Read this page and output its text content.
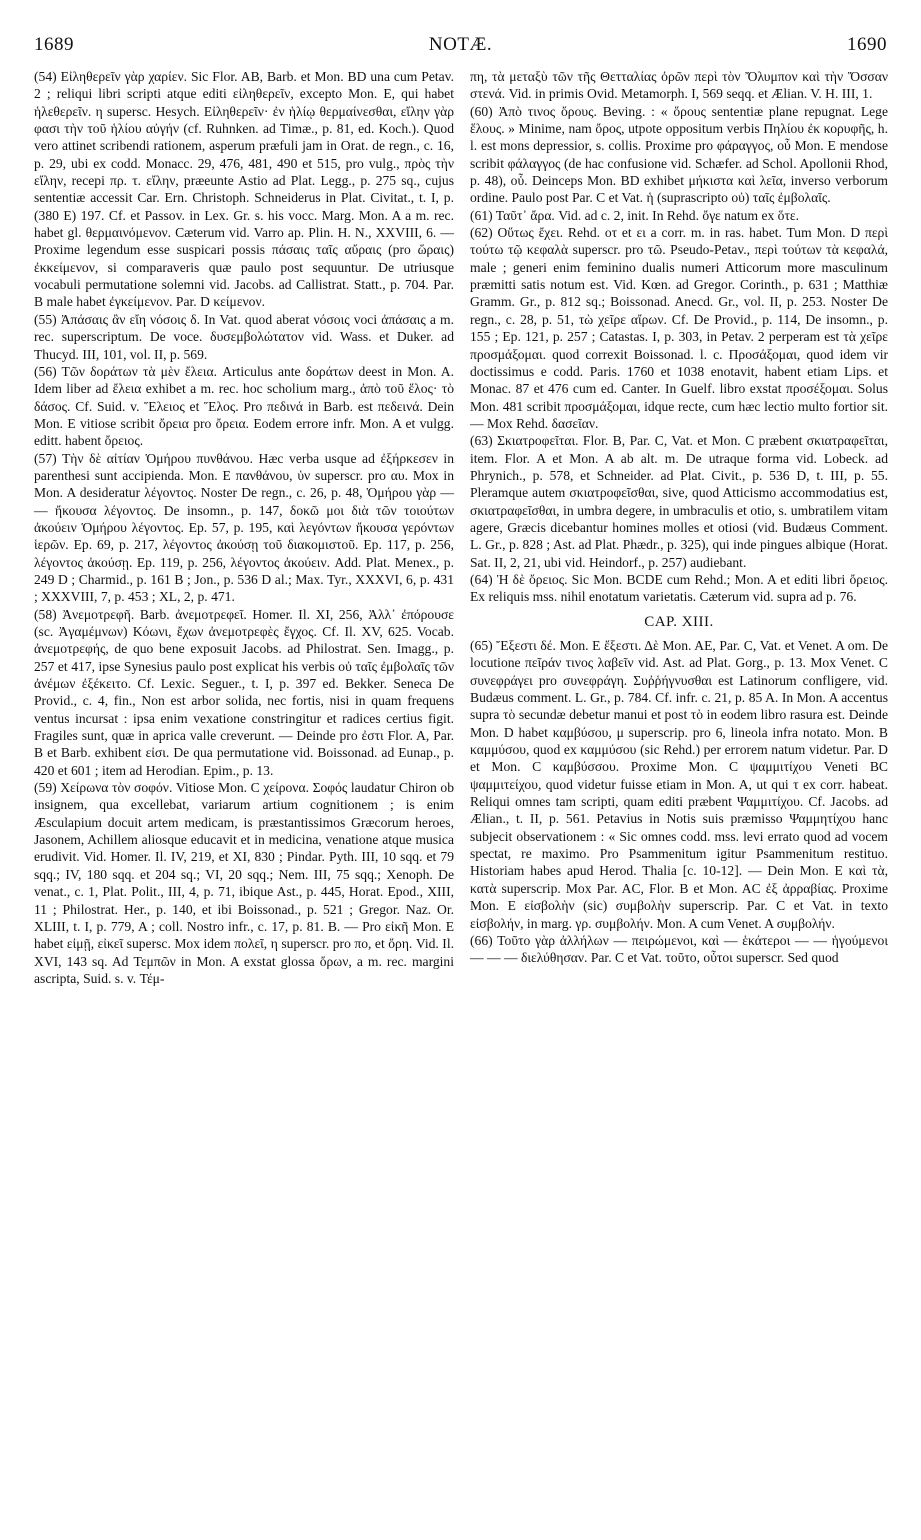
1689	NOTÆ.	1690

(54) Εἰληθερεῖν γὰρ χαρίεν. Sic Flor. AB, Barb. et Mon. BD una cum Petav. 2 ; reliqui libri scripti atque editi εἰληθερεῖν, excepto Mon. E, qui habet ἡλεθερεῖν. η supersc. Hesych. Εἰληθερεῖν· ἐν ἡλίῳ θερμαίνεσθαι, εἴλην γὰρ φασι τὴν τοῦ ἡλίου αὐγήν (cf. Ruhnken. ad Timæ., p. 81, ed. Koch.). Quod vero attinet scribendi rationem, asperum præfuli jam in Orat. de regn., c. 16, p. 29, ubi ex codd. Monacc. 29, 476, 481, 490 et 515, pro vulg., πρὸς τὴν εἴλην, recepi πρ. τ. εἴλην, præeunte Astio ad Plat. Legg., p. 275 sq., cujus sententiæ accessit Car. Ern. Christoph. Schneiderus in Plat. Civitat., t. I, p. (380 E) 197. Cf. et Passov. in Lex. Gr. s. his vocc. Marg. Mon. A a m. rec. habet gl. θερμαινόμενον. Cæterum vid. Varro ap. Plin. H. N., XXVIII, 6. — Proxime legendum esse suspicari possis πάσαις ταῖς αὔραις (pro ὥραις) ἐκκείμενον, si comparaveris quæ paulo post sequuntur. De utriusque vocabuli permutatione solemni vid. Jacobs. ad Callistrat. Statt., p. 704. Par. B male habet ἐγκείμενον. Par. D κείμενον.

(55) Ἀπάσαις ἂν εἴη νόσοις δ. In Vat. quod aberat νόσοις voci ἀπάσαις a m. rec. superscriptum. De voce. δυσεμβολώτατον vid. Wass. et Duker. ad Thucyd. III, 101, vol. II, p. 569.

(56) Τῶν δοράτων τὰ μὲν ἔλεια. Articulus ante δοράτων deest in Mon. A. Idem liber ad ἔλεια exhibet a m. rec. hoc scholium marg., ἀπὸ τοῦ ἕλος· τὸ δάσος. Cf. Suid. v. Ἕλειος et Ἕλος. Pro πεδινά in Barb. est πεδεινά. Dein Mon. E vitiose scribit ὄρεια pro ὄρεια. Eodem errore infr. Mon. A et vulgg. editt. habent ὄρειος.

(57) Τὴν δὲ αἰτίαν Ὁμήρου πυνθάνου. Hæc verba usque ad ἐξήρκεσεν in parenthesi sunt accipienda. Mon. E πανθάνου, ὑν superscr. pro αυ. Mox in Mon. A desideratur λέγοντος. Noster De regn., c. 26, p. 48, Ὁμήρου γὰρ — — ἤκουσα λέγοντος. De insomn., p. 147, δοκῶ μοι διὰ τῶν τοιούτων ἀκούειν Ὁμήρου λέγοντος. Ep. 57, p. 195, καὶ λεγόντων ἤκουσα γερόντων ἱερῶν. Ep. 69, p. 217, λέγοντος ἀκούσῃ τοῦ διακομιστοῦ. Ep. 117, p. 256, λέγοντος ἀκούσῃ. Ep. 119, p. 256, λέγοντος ἀκούειν. Add. Plat. Menex., p. 249 D ; Charmid., p. 161 B ; Jon., p. 536 D al.; Max. Tyr., XXXVI, 6, p. 431 ; XXXVIII, 7, p. 453 ; XL, 2, p. 471.

(58) Ἀνεμοτρεφῆ. Barb. ἀνεμοτρεφεῖ. Homer. Il. XI, 256, Ἀλλ᾽ ἐπόρουσε (sc. Ἀγαμέμνων) Κόωνι, ἔχων ἀνεμοτρεφὲς ἔγχος. Cf. Il. XV, 625. Vocab. ἀνεμοτρεφής, de quo bene exposuit Jacobs. ad Philostrat. Sen. Imagg., p. 257 et 417, ipse Synesius paulo post explicat his verbis οὐ ταῖς ἐμβολαῖς τῶν ἀνέμων ἐξέκειτο. Cf. Lexic. Seguer., t. I, p. 397 ed. Bekker. Seneca De Provid., c. 4, fin., Non est arbor solida, nec fortis, nisi in quam frequens ventus incursat : ipsa enim vexatione constringitur et radices certius figit. Fragiles sunt, quæ in aprica valle creverunt. — Deinde pro ἐστι Flor. A, Par. B et Barb. exhibent εἰσι. De qua permutatione vid. Boissonad. ad Eunap., p. 420 et 601 ; item ad Herodian. Epim., p. 13.

(59) Χείρωνα τὸν σοφόν. Vitiose Mon. C χείρονα. Σοφός laudatur Chiron ob insignem, qua excellebat, variarum artium cognitionem ; is enim Æsculapium docuit artem medicam, is præstantissimos Græcorum heroes, Jasonem, Achillem aliosque educavit et in medicina, venatione atque musica erudivit. Vid. Homer. Il. IV, 219, et XI, 830 ; Pindar. Pyth. III, 10 sqq. et 79 sqq.; IV, 180 sqq. et 204 sq.; VI, 20 sqq.; Nem. III, 75 sqq.; Xenoph. De venat., c. 1, Plat. Polit., III, 4, p. 71, ibique Ast., p. 445, Horat. Epod., XIII, 11 ; Philostrat. Her., p. 140, et ibi Boissonad., p. 521 ; Gregor. Naz. Or. XLIII, t. I, p. 779, A ; coll. Nostro infr., c. 17, p. 81. B. — Pro εἰκῆ Mon. E habet εἰμῇ, εἰκεῖ supersc. Mox idem πολεῖ, η superscr. pro πο, et ὄρη. Vid. Il. XVI, 143 sq. Ad Τεμπῶν in Mon. A exstat glossa ὄρων, a m. rec. margini ascripta, Suid. s. v. Τέμ-

πη, τὰ μεταξὺ τῶν τῆς Θετταλίας ὀρῶν περὶ τὸν Ὄλυμπον καὶ τὴν Ὄσσαν στενά. Vid. in primis Ovid. Metamorph. I, 569 seqq. et Ælian. V. H. III, 1.

(60) Ἀπὸ τινος ὄρους. Beving. : « ὅρους sententiæ plane repugnat. Lege ἕλους. » Minime, nam ὄρος, utpote oppositum verbis Πηλίου ἐκ κορυφῆς, h. l. est mons depressior, s. collis. Proxime pro φάραγγος, οὗ Mon. E mendose scribit φάλαγγος (de hac confusione vid. Schæfer. ad Schol. Apollonii Rhod, p. 48), οὗ. Deinceps Mon. BD exhibet μήκιστα καὶ λεῖα, inverso verborum ordine. Paulo post Par. C et Vat. ἡ (suprascripto οὐ) ταῖς ἐμβολαῖς.

(61) Ταῦτ᾽ ἄρα. Vid. ad c. 2, init. In Rehd. ὄγε natum ex ὅτε.

(62) Οὕτως ἔχει. Rehd. οτ et ει a corr. m. in ras. habet. Tum Mon. D περὶ τούτω τῷ κεφαλὰ superscr. pro τῶ. Pseudo-Petav., περὶ τούτων τὰ κεφαλά, male ; generi enim feminino dualis numeri Atticorum more masculinum præmitti satis notum est. Vid. Kœn. ad Gregor. Corinth., p. 631 ; Matthiæ Gramm. Gr., p. 812 sq.; Boissonad. Anecd. Gr., vol. II, p. 253. Noster De regn., c. 28, p. 51, τὼ χεῖρε αἴρων. Cf. De Provid., p. 114, De insomn., p. 155 ; Ep. 121, p. 257 ; Catastas. I, p. 303, in Petav. 2 perperam est τὰ χεῖρε προσμάξομαι. quod correxit Boissonad. l. c. Προσάξομαι, quod idem vir doctissimus e codd. Paris. 1760 et 1038 enotavit, habent etiam Lips. et Monac. 87 et 476 cum ed. Canter. In Guelf. libro exstat προσέξομαι. Solus Mon. 481 scribit προσμάξομαι, idque recte, cum hæc lectio multo fortior sit. — Mox Rehd. δασεῖαν.

(63) Σκιατροφεῖται. Flor. B, Par. C, Vat. et Mon. C præbent σκιατραφεῖται, item. Flor. A et Mon. A ab alt. m. De utraque forma vid. Lobeck. ad Phrynich., p. 578, et Schneider. ad Plat. Civit., p. 536 D, t. III, p. 55. Pleramque autem σκιατροφεῖσθαι, sive, quod Atticismo accommodatius est, σκιατραφεῖσθαι, in umbra degere, in umbraculis et otio, s. umbratilem vitam agere, Græcis dicebantur homines molles et otiosi (vid. Budæus Comment. L. Gr., p. 828 ; Ast. ad Plat. Phædr., p. 325), qui inde pingues albique (Horat. Sat. II, 2, 21, ubi vid. Heindorf., p. 257) audiebant.

(64) Ἡ δὲ ὄρειος. Sic Mon. BCDE cum Rehd.; Mon. A et editi libri ὄρειος. Ex reliquis mss. nihil enotatum varietatis. Cæterum vid. supra ad p. 76.

CAP. XIII.

(65) Ἔξεστι δέ. Mon. E ἔξεστι. Δὲ Mon. AE, Par. C, Vat. et Venet. A om. De locutione πεῖράν τινος λαβεῖν vid. Ast. ad Plat. Gorg., p. 13. Mox Venet. C συνεφράγει pro συνεφράγη. Συῤῥήγνυσθαι est Latinorum confligere, vid. Budæus comment. L. Gr., p. 784. Cf. infr. c. 21, p. 85 A. In Mon. A accentus supra τὸ secundæ debetur manui et post τὸ in eodem libro rasura est. Deinde Mon. D habet καμβύσου, μ superscrip. pro 6, lineola infra notato. Mon. B καμμύσου, quod ex καμμύσου (sic Rehd.) per errorem natum videtur. Par. D et Mon. C καμβύσσου. Proxime Mon. C ψαμμιτίχου Veneti BC ψαμμιτείχου, quod videtur fuisse etiam in Mon. A, ut qui τ ex corr. habeat. Reliqui omnes tam scripti, quam editi præbent Ψαμμιτίχου. Cf. Jacobs. ad Ælian., t. II, p. 561. Petavius in Notis suis præmisso Ψαμμητίχου hanc subjecit observationem : « Sic omnes codd. mss. levi errato quod ad vocem spectat, re maximo. Pro Psammenitum igitur Psammenitum restituo. Historiam habes apud Herod. Thalia [c. 10-12]. — Dein Mon. E καὶ τὰ, κατὰ superscrip. Mox Par. AC, Flor. B et Mon. AC ἐξ ἀρραβίας. Proxime Mon. E εἰσβολὴν (sic) συμβολὴν superscrip. Par. C et Vat. in texto εἰσβολήν, in marg. γρ. συμβολήν. Mon. A cum Venet. A συμβολήν.

(66) Τοῦτο γὰρ ἀλλήλων — πειρώμενοι, καὶ — ἑκάτεροι — — ἡγούμενοι — — — διελύθησαν. Par. C et Vat. τοῦτο, οὗτοι superscr. Sed quod
